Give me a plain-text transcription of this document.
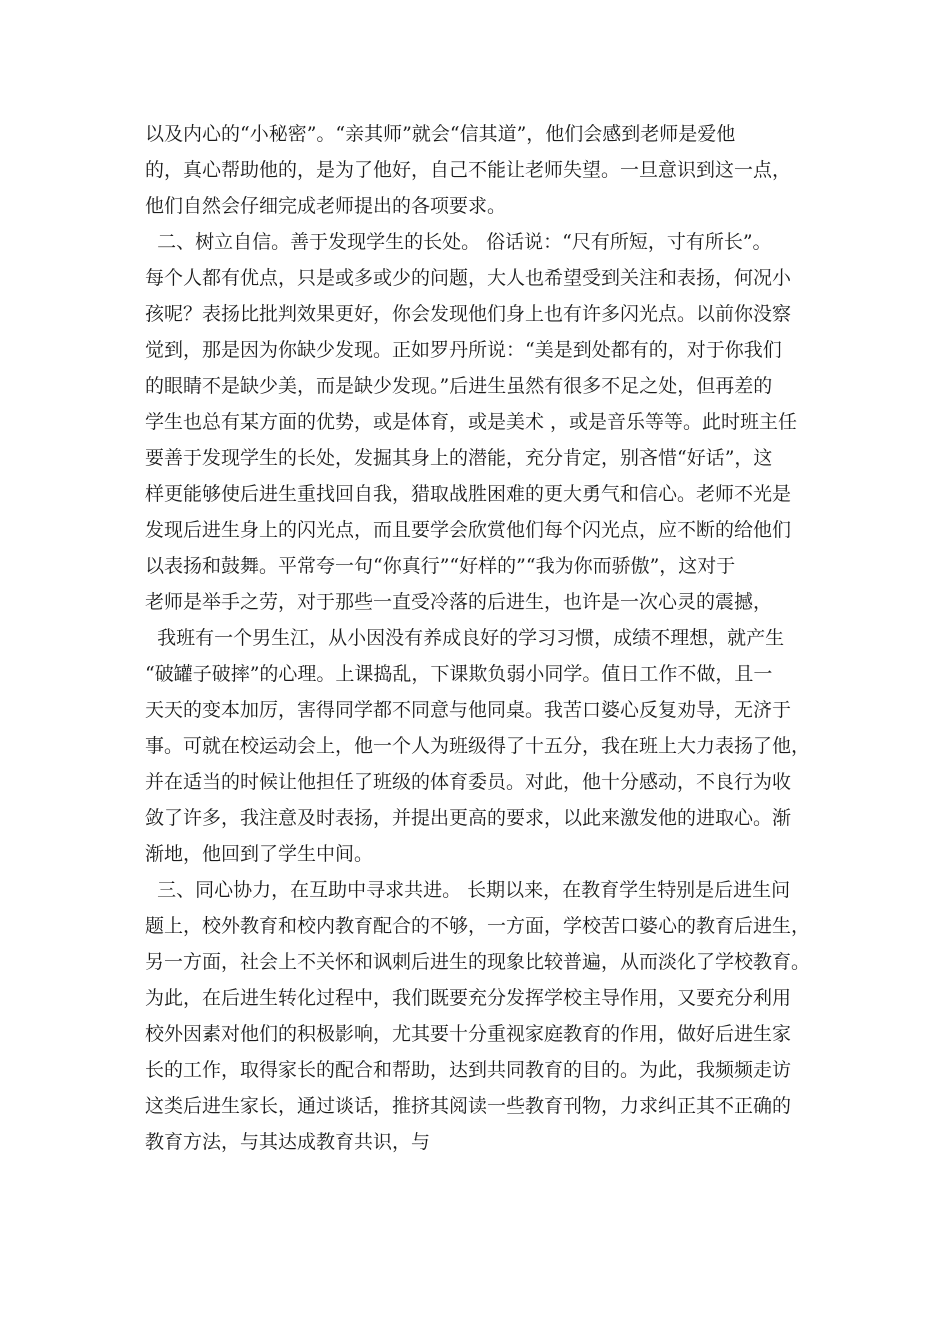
以及内心的“小秘密”。“亲其师”就会“信其道”，他们会感到老师是爱他
的，真心帮助他的，是为了他好，自己不能让老师失望。一旦意识到这一点，
他们自然会仔细完成老师提出的各项要求。
二、树立自信。善于发现学生的长处。 俗话说：“尺有所短，寸有所长”。
每个人都有优点，只是或多或少的问题，大人也希望受到关注和表扬，何况小
孩呢？表扬比批判效果更好，你会发现他们身上也有许多闪光点。以前你没察
觉到，那是因为你缺少发现。正如罗丹所说：“美是到处都有的，对于你我们
的眼睛不是缺少美，而是缺少发现。”后进生虽然有很多不足之处，但再差的
学生也总有某方面的优势，或是体育，或是美术 ，或是音乐等等。此时班主任
要善于发现学生的长处，发掘其身上的潜能，充分肯定，别吝惜“好话”，这
样更能够使后进生重找回自我，猎取战胜困难的更大勇气和信心。老师不光是
发现后进生身上的闪光点，而且要学会欣赏他们每个闪光点，应不断的给他们
以表扬和鼓舞。平常夸一句“你真行”“好样的”“我为你而骄傲”，这对于
老师是举手之劳，对于那些一直受冷落的后进生，也许是一次心灵的震撼，
我班有一个男生江，从小因没有养成良好的学习习惯，成绩不理想，就产生
“破罐子破摔”的心理。上课捣乱，下课欺负弱小同学。值日工作不做，且一
天天的变本加厉，害得同学都不同意与他同桌。我苦口婆心反复劝导，无济于
事。可就在校运动会上，他一个人为班级得了十五分，我在班上大力表扬了他，
并在适当的时候让他担任了班级的体育委员。对此，他十分感动，不良行为收
敛了许多，我注意及时表扬，并提出更高的要求，以此来激发他的进取心。渐
渐地，他回到了学生中间。
三、同心协力，在互助中寻求共进。 长期以来，在教育学生特别是后进生问
题上，校外教育和校内教育配合的不够，一方面，学校苦口婆心的教育后进生，
另一方面，社会上不关怀和讽刺后进生的现象比较普遍，从而淡化了学校教育。
为此，在后进生转化过程中，我们既要充分发挥学校主导作用，又要充分利用
校外因素对他们的积极影响，尤其要十分重视家庭教育的作用，做好后进生家
长的工作，取得家长的配合和帮助，达到共同教育的目的。为此，我频频走访
这类后进生家长，通过谈话，推挤其阅读一些教育刊物，力求纠正其不正确的
教育方法，与其达成教育共识，与
